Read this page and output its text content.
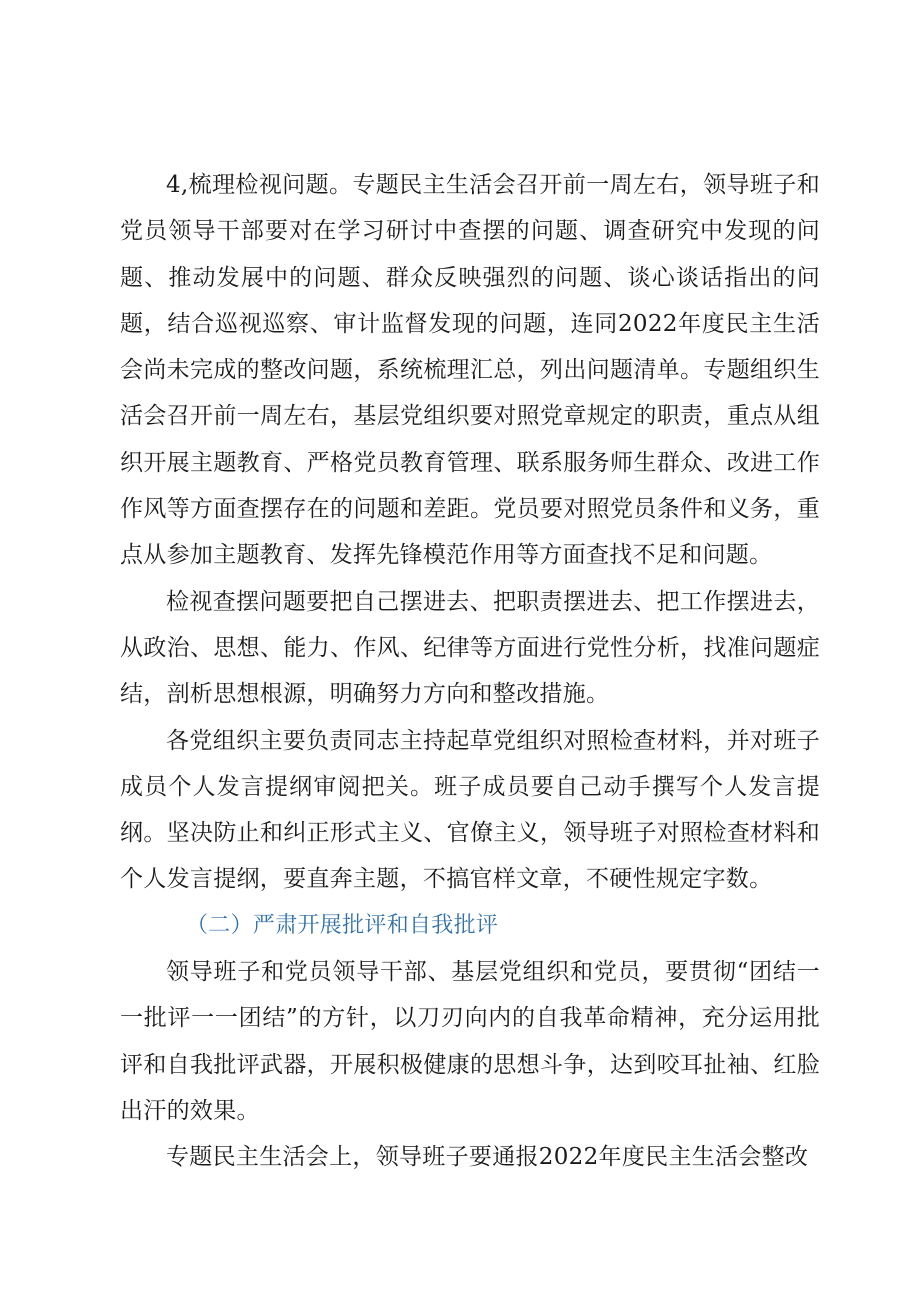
4,梳理检视问题。专题民主生活会召开前一周左右，领导班子和党员领导干部要对在学习研讨中查摆的问题、调查研究中发现的问题、推动发展中的问题、群众反映强烈的问题、谈心谈话指出的问题，结合巡视巡察、审计监督发现的问题，连同2022年度民主生活会尚未完成的整改问题，系统梳理汇总，列出问题清单。专题组织生活会召开前一周左右，基层党组织要对照党章规定的职责，重点从组织开展主题教育、严格党员教育管理、联系服务师生群众、改进工作作风等方面查摆存在的问题和差距。党员要对照党员条件和义务，重点从参加主题教育、发挥先锋模范作用等方面查找不足和问题。

检视查摆问题要把自己摆进去、把职责摆进去、把工作摆进去，从政治、思想、能力、作风、纪律等方面进行党性分析，找准问题症结，剖析思想根源，明确努力方向和整改措施。

各党组织主要负责同志主持起草党组织对照检查材料，并对班子成员个人发言提纲审阅把关。班子成员要自己动手撰写个人发言提纲。坚决防止和纠正形式主义、官僚主义，领导班子对照检查材料和个人发言提纲，要直奔主题，不搞官样文章，不硬性规定字数。

（二）严肃开展批评和自我批评

领导班子和党员领导干部、基层党组织和党员，要贯彻“团结一一批评一一团结”的方针，以刀刃向内的自我革命精神，充分运用批评和自我批评武器，开展积极健康的思想斗争，达到咬耳扯袖、红脸出汗的效果。

专题民主生活会上，领导班子要通报2022年度民主生活会整改
